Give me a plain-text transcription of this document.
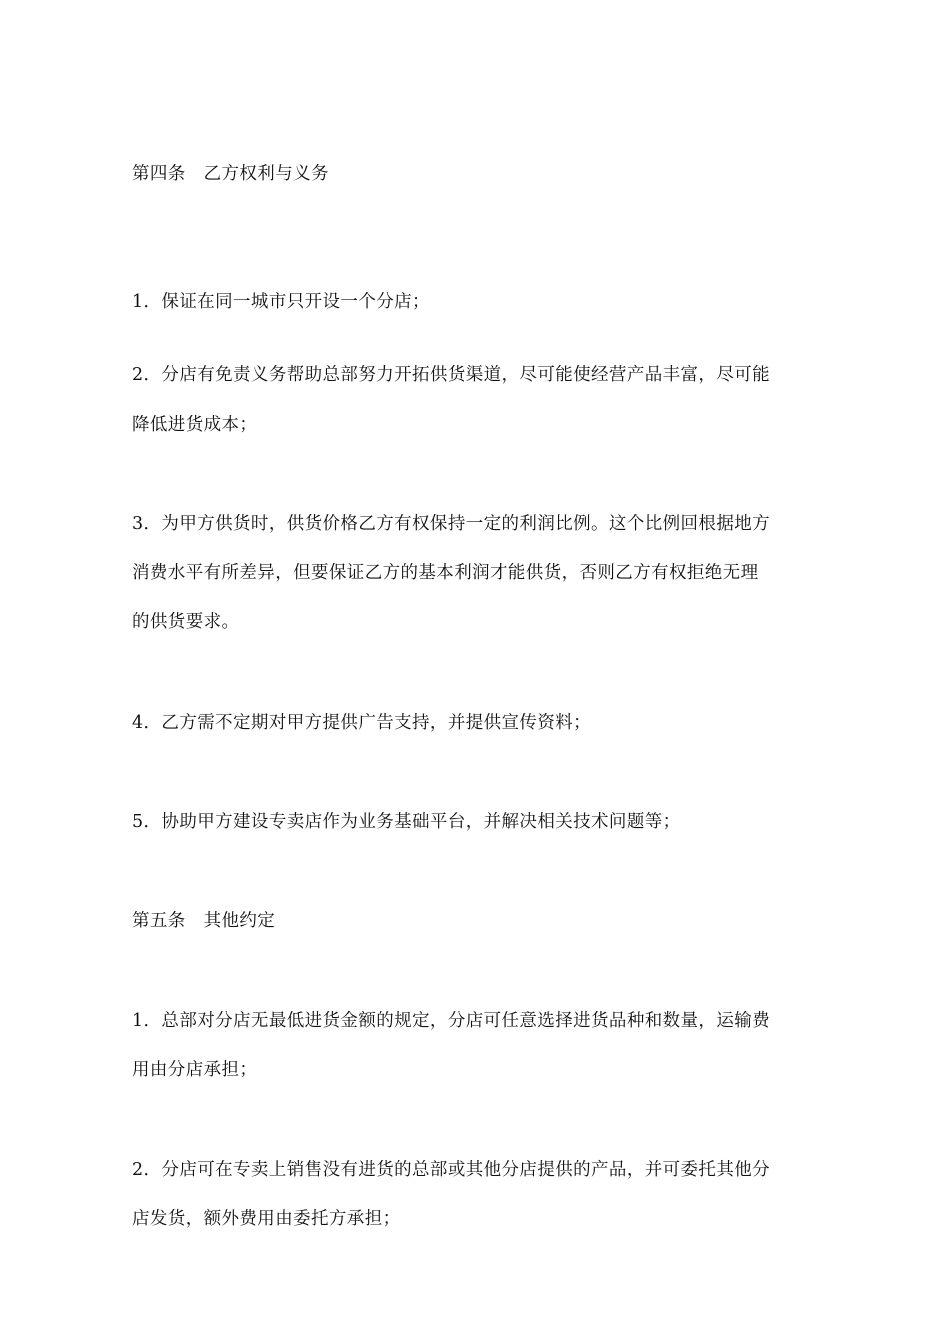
第四条　乙方权利与义务
1．保证在同一城市只开设一个分店；
2．分店有免责义务帮助总部努力开拓供货渠道，尽可能使经营产品丰富，尽可能
降低进货成本；
3．为甲方供货时，供货价格乙方有权保持一定的利润比例。这个比例回根据地方
消费水平有所差异，但要保证乙方的基本利润才能供货，否则乙方有权拒绝无理
的供货要求。
4．乙方需不定期对甲方提供广告支持，并提供宣传资料；
5．协助甲方建设专卖店作为业务基础平台，并解决相关技术问题等；
第五条　其他约定
1．总部对分店无最低进货金额的规定，分店可任意选择进货品种和数量，运输费
用由分店承担；
2．分店可在专卖上销售没有进货的总部或其他分店提供的产品，并可委托其他分
店发货，额外费用由委托方承担；
